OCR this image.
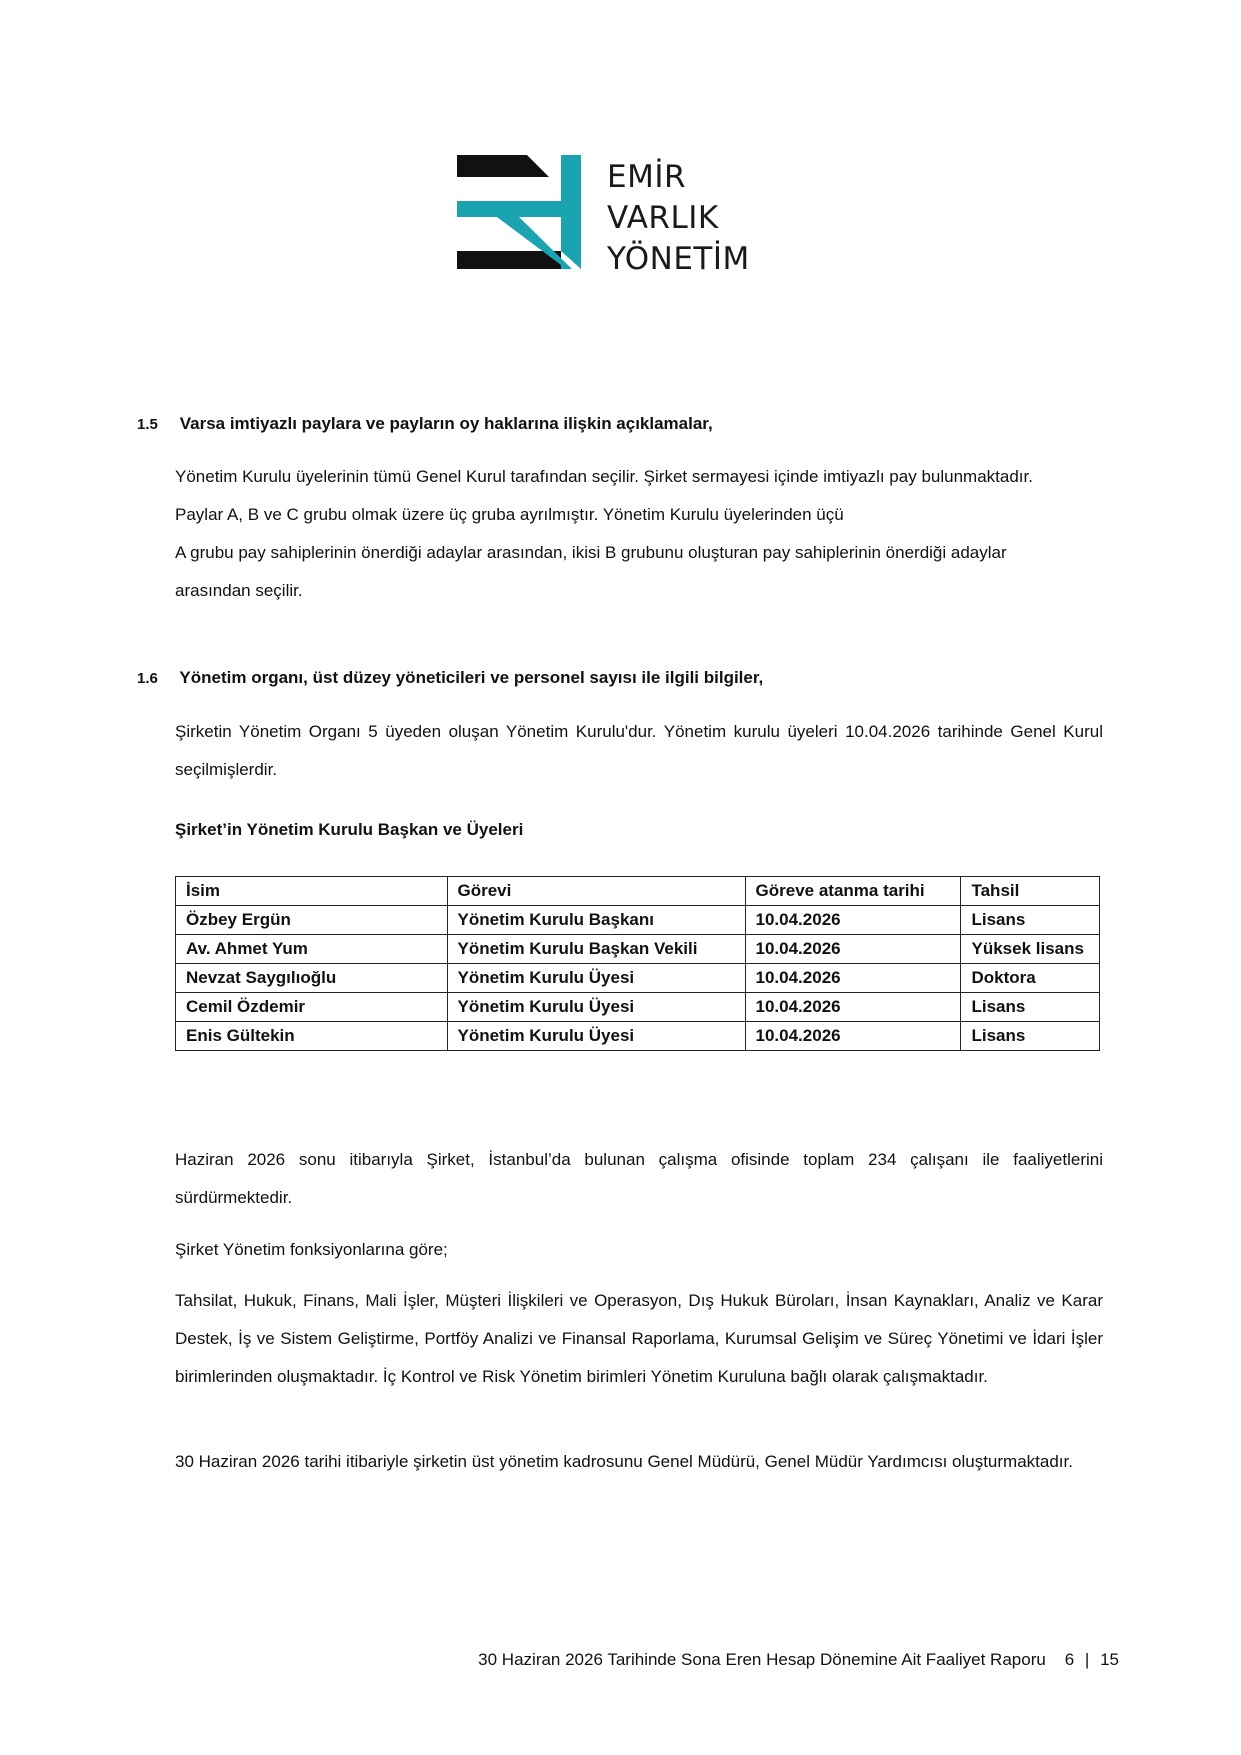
EMİR
VARLIK
YÖNETİM
1.5 Varsa imtiyazlı paylara ve payların oy haklarına ilişkin açıklamalar,

Yönetim Kurulu üyelerinin tümü Genel Kurul tarafından seçilir. Şirket sermayesi içinde imtiyazlı pay bulunmaktadır.

Paylar A, B ve C grubu olmak üzere üç gruba ayrılmıştır. Yönetim Kurulu üyelerinden üçü

A grubu pay sahiplerinin önerdiği adaylar arasından, ikisi B grubunu oluşturan pay sahiplerinin önerdiği adaylar

arasından seçilir.

1.6 Yönetim organı, üst düzey yöneticileri ve personel sayısı ile ilgili bilgiler,

Şirketin Yönetim Organı 5 üyeden oluşan Yönetim Kurulu'dur. Yönetim kurulu üyeleri 10.04.2026 tarihinde Genel Kurul seçilmişlerdir.

Şirket’in Yönetim Kurulu Başkan ve Üyeleri
İsim	Görevi	Göreve atanma tarihi	Tahsil
Özbey Ergün	Yönetim Kurulu Başkanı	10.04.2026	Lisans
Av. Ahmet Yum	Yönetim Kurulu Başkan Vekili	10.04.2026	Yüksek lisans
Nevzat Saygılıoğlu	Yönetim Kurulu Üyesi	10.04.2026	Doktora
Cemil Özdemir	Yönetim Kurulu Üyesi	10.04.2026	Lisans
Enis Gültekin	Yönetim Kurulu Üyesi	10.04.2026	Lisans

Haziran 2026 sonu itibarıyla Şirket, İstanbul’da bulunan çalışma ofisinde toplam 234 çalışanı ile faaliyetlerini sürdürmektedir.

Şirket Yönetim fonksiyonlarına göre;

Tahsilat, Hukuk, Finans, Mali İşler, Müşteri İlişkileri ve Operasyon, Dış Hukuk Büroları, İnsan Kaynakları, Analiz ve Karar Destek, İş ve Sistem Geliştirme, Portföy Analizi ve Finansal Raporlama, Kurumsal Gelişim ve Süreç Yönetimi ve İdari İşler birimlerinden oluşmaktadır. İç Kontrol ve Risk Yönetim birimleri Yönetim Kuruluna bağlı olarak çalışmaktadır.

30 Haziran 2026 tarihi itibariyle şirketin üst yönetim kadrosunu Genel Müdürü, Genel Müdür Yardımcısı oluşturmaktadır.

30 Haziran 2026 Tarihinde Sona Eren Hesap Dönemine Ait Faaliyet Raporu 6 | 15
